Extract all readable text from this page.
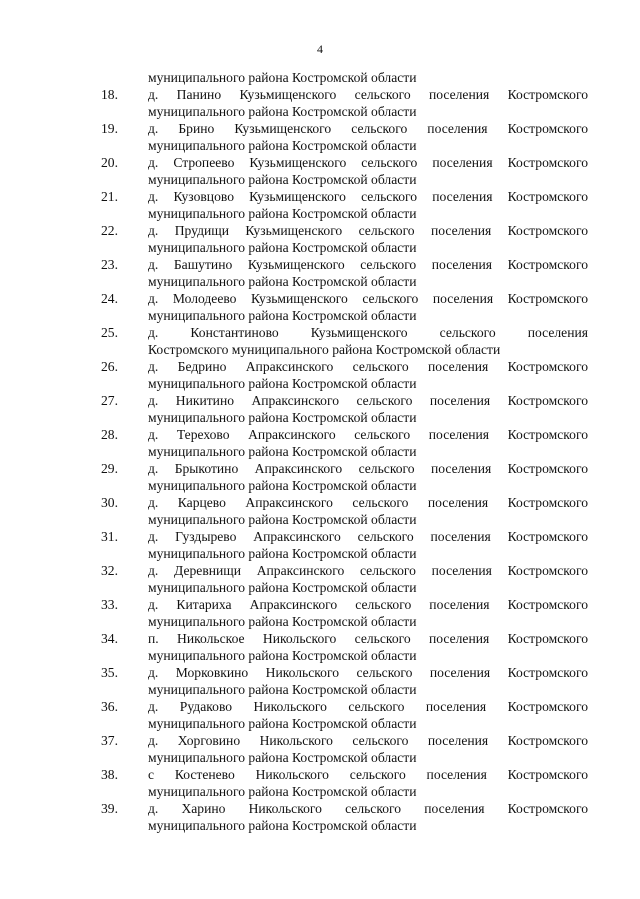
4
муниципального района Костромской области
18. д. Панино Кузьмищенского сельского поселения Костромского
муниципального района Костромской области
19. д. Брино Кузьмищенского сельского поселения Костромского
муниципального района Костромской области
20. д. Стропеево Кузьмищенского сельского поселения Костромского
муниципального района Костромской области
21. д. Кузовцово Кузьмищенского сельского поселения Костромского
муниципального района Костромской области
22. д. Прудищи Кузьмищенского сельского поселения Костромского
муниципального района Костромской области
23. д. Башутино Кузьмищенского сельского поселения Костромского
муниципального района Костромской области
24. д. Молодеево Кузьмищенского сельского поселения Костромского
муниципального района Костромской области
25. д. Константиново Кузьмищенского сельского поселения
Костромского муниципального района Костромской области
26. д. Бедрино Апраксинского сельского поселения Костромского
муниципального района Костромской области
27. д. Никитино Апраксинского сельского поселения Костромского
муниципального района Костромской области
28. д. Терехово Апраксинского сельского поселения Костромского
муниципального района Костромской области
29. д. Брыкотино Апраксинского сельского поселения Костромского
муниципального района Костромской области
30. д. Карцево Апраксинского сельского поселения Костромского
муниципального района Костромской области
31. д. Гуздырево Апраксинского сельского поселения Костромского
муниципального района Костромской области
32. д. Деревнищи Апраксинского сельского поселения Костромского
муниципального района Костромской области
33. д. Китариха Апраксинского сельского поселения Костромского
муниципального района Костромской области
34. п. Никольское Никольского сельского поселения Костромского
муниципального района Костромской области
35. д. Морковкино Никольского сельского поселения Костромского
муниципального района Костромской области
36. д. Рудаково Никольского сельского поселения Костромского
муниципального района Костромской области
37. д. Хорговино Никольского сельского поселения Костромского
муниципального района Костромской области
38. с Костенево Никольского сельского поселения Костромского
муниципального района Костромской области
39. д. Харино Никольского сельского поселения Костромского
муниципального района Костромской области
